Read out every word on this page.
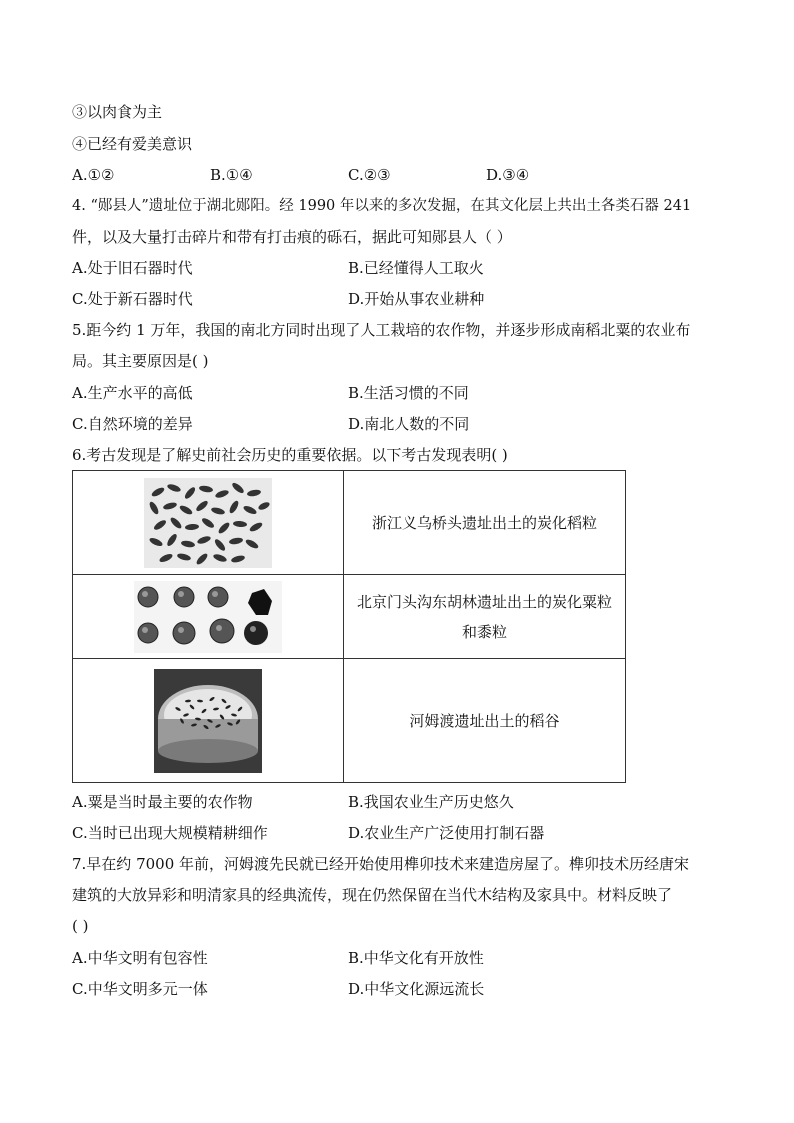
③以肉食为主
④已经有爱美意识
A.①②	B.①④	C.②③	D.③④
4. “郧县人”遗址位于湖北郧阳。经 1990 年以来的多次发掘，在其文化层上共出土各类石器 241
件，以及大量打击碎片和带有打击痕的砾石，据此可知郧县人（ ）
A.处于旧石器时代	B.已经懂得人工取火
C.处于新石器时代	D.开始从事农业耕种
5.距今约 1 万年，我国的南北方同时出现了人工栽培的农作物，并逐步形成南稻北粟的农业布
局。其主要原因是( )
A.生产水平的高低	B.生活习惯的不同
C.自然环境的差异	D.南北人数的不同
6.考古发现是了解史前社会历史的重要依据。以下考古发现表明( )
	浙江义乌桥头遗址出土的炭化稻粒

	北京门头沟东胡林遗址出土的炭化粟粒和黍粒

	河姆渡遗址出土的稻谷
A.粟是当时最主要的农作物	B.我国农业生产历史悠久
C.当时已出现大规模精耕细作	D.农业生产广泛使用打制石器
7.早在约 7000 年前，河姆渡先民就已经开始使用榫卯技术来建造房屋了。榫卯技术历经唐宋
建筑的大放异彩和明清家具的经典流传，现在仍然保留在当代木结构及家具中。材料反映了
( )
A.中华文明有包容性	B.中华文化有开放性
C.中华文明多元一体	D.中华文化源远流长
